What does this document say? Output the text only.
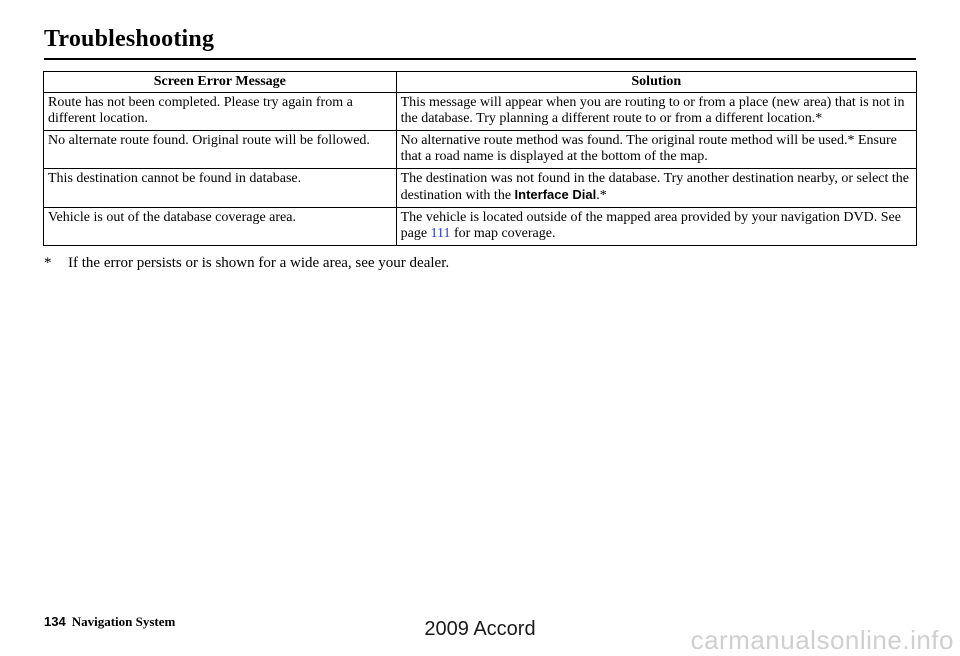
Troubleshooting
Screen Error Message	Solution
Route has not been completed. Please try again from a different location.	This message will appear when you are routing to or from a place (new area) that is not in the database. Try planning a different route to or from a different location.*
No alternate route found. Original route will be followed.	No alternative route method was found. The original route method will be used.* Ensure that a road name is displayed at the bottom of the map.
This destination cannot be found in database.	The destination was not found in the database. Try another destination nearby, or select the destination with the Interface Dial.*
Vehicle is out of the database coverage area.	The vehicle is located outside of the mapped area provided by your navigation DVD. See page 111 for map coverage.
* If the error persists or is shown for a wide area, see your dealer.
134 Navigation System	2009 Accord	carmanualsonline.info
